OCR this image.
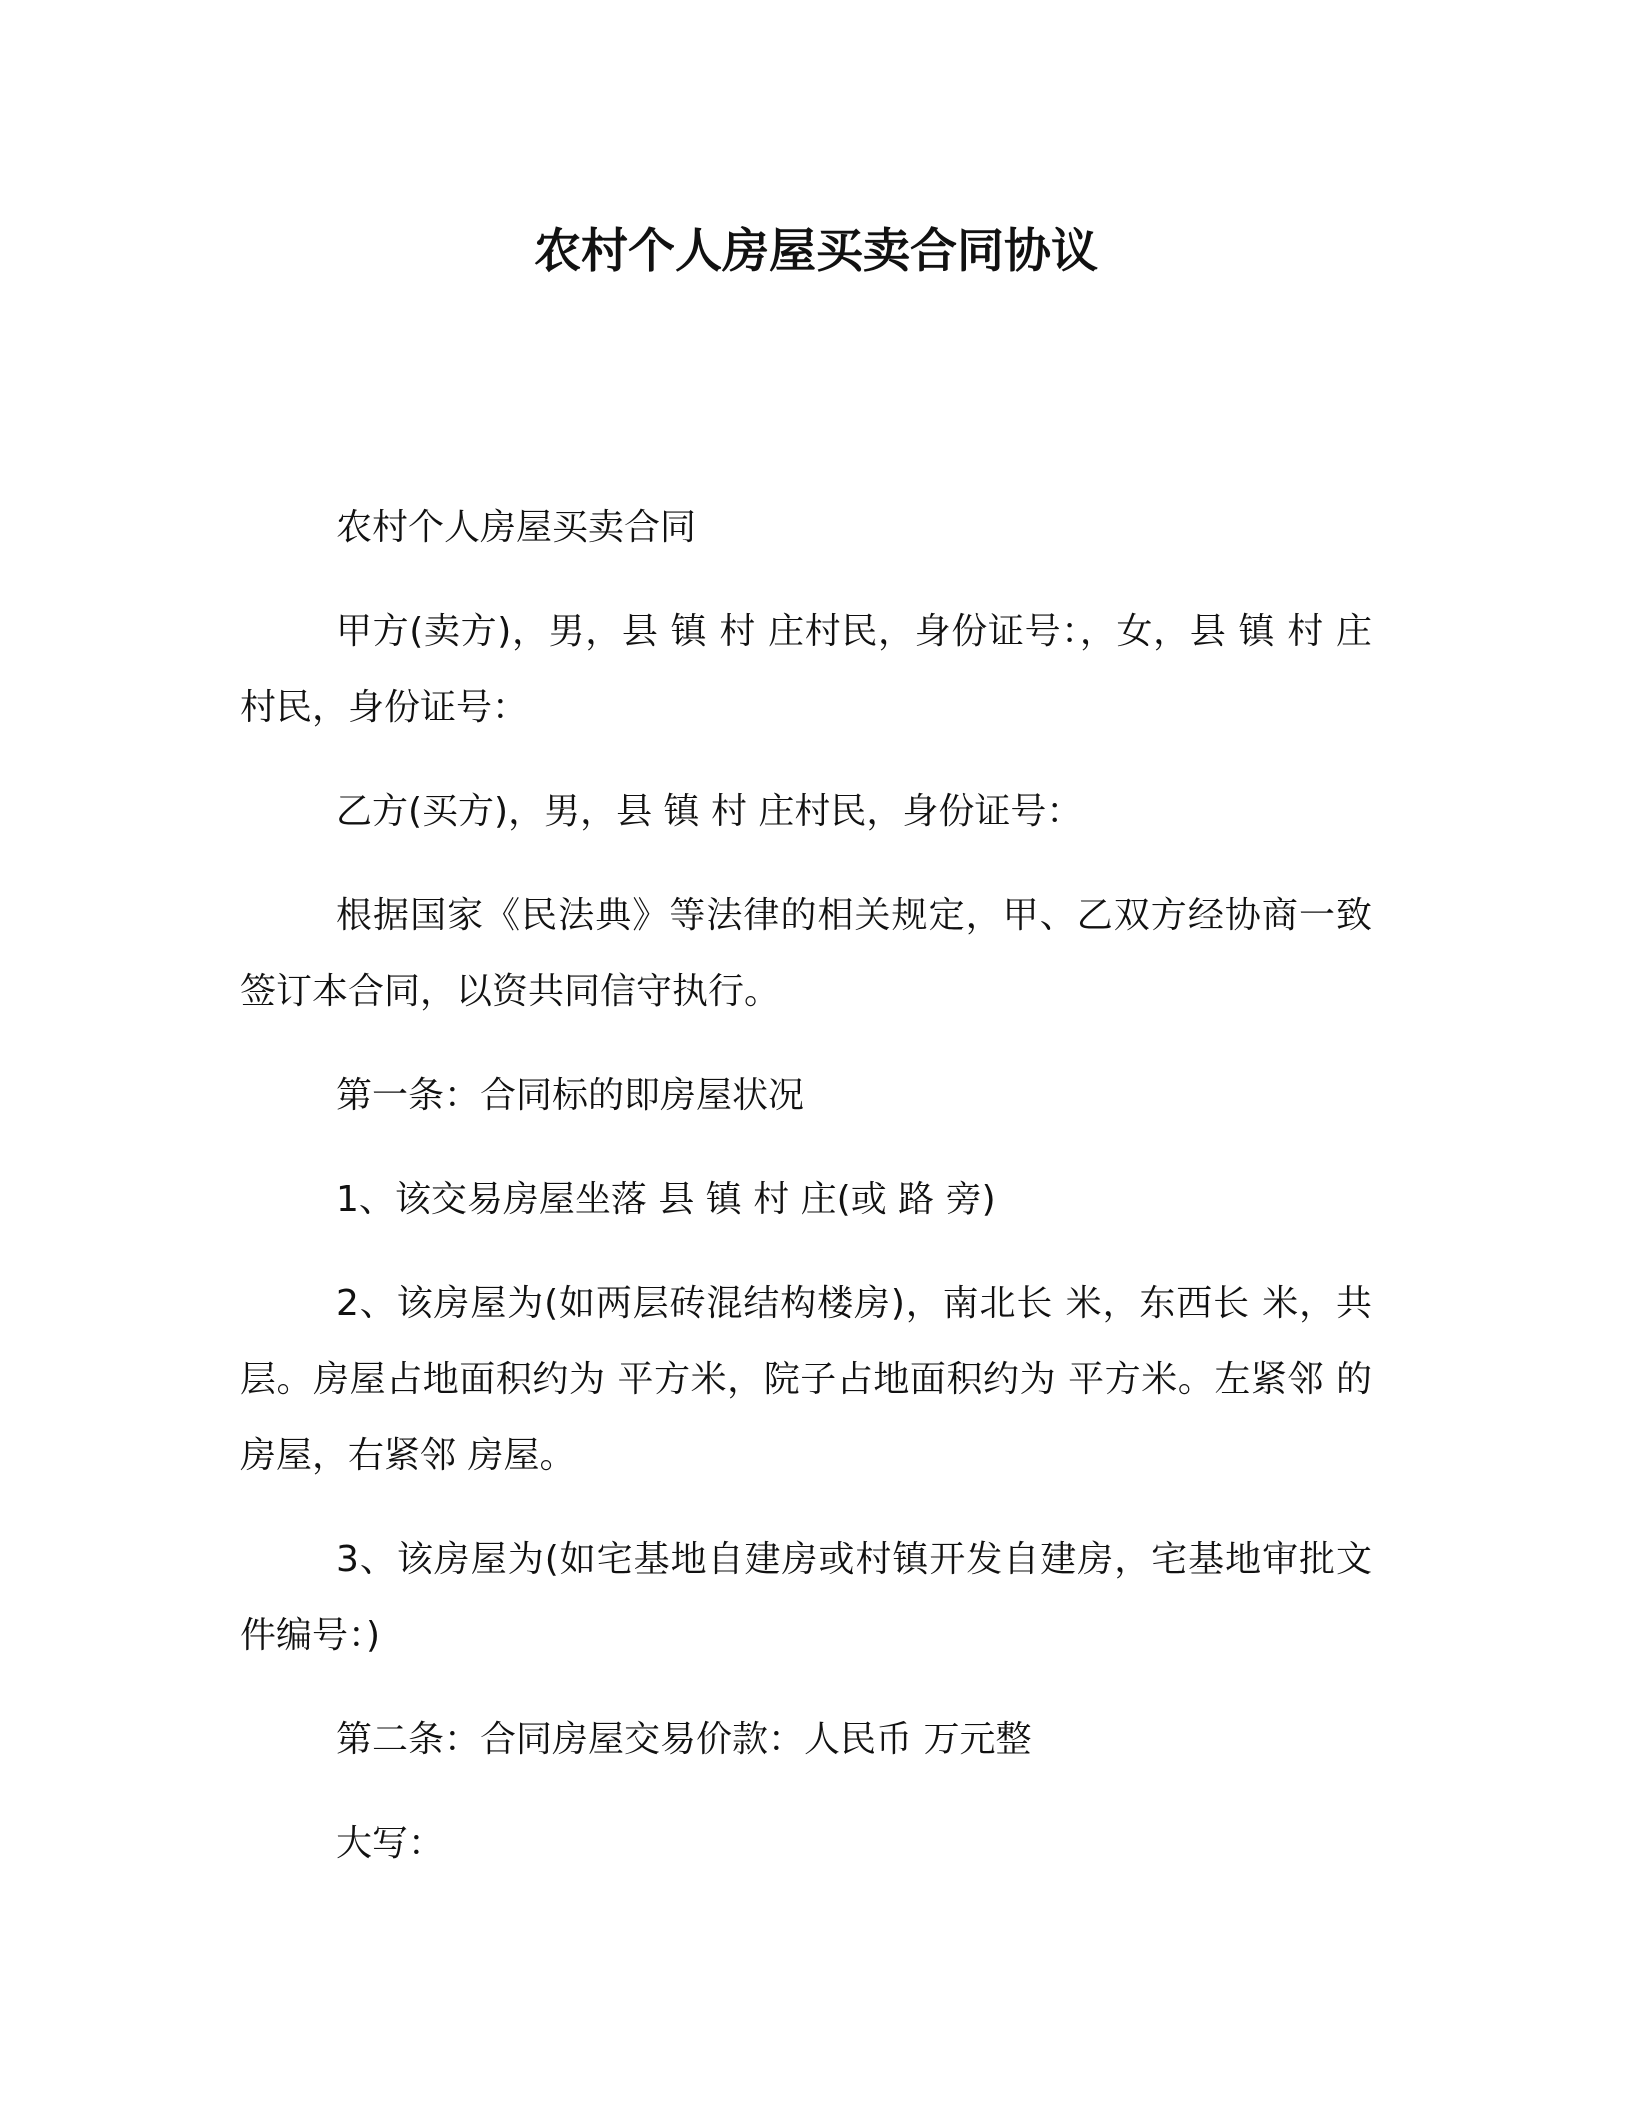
农村个人房屋买卖合同协议

农村个人房屋买卖合同

甲方(卖方)，男，县 镇 村 庄村民，身份证号：，女，县 镇 村 庄村民，身份证号：

乙方(买方)，男，县 镇 村 庄村民，身份证号：

根据国家《民法典》等法律的相关规定，甲、乙双方经协商一致签订本合同，以资共同信守执行。

第一条：合同标的即房屋状况

1、该交易房屋坐落 县 镇 村 庄(或 路 旁)

2、该房屋为(如两层砖混结构楼房)，南北长 米，东西长 米，共 层。房屋占地面积约为 平方米，院子占地面积约为 平方米。左紧邻 的房屋，右紧邻 房屋。

3、该房屋为(如宅基地自建房或村镇开发自建房，宅基地审批文件编号：)

第二条：合同房屋交易价款：人民币 万元整

大写：
